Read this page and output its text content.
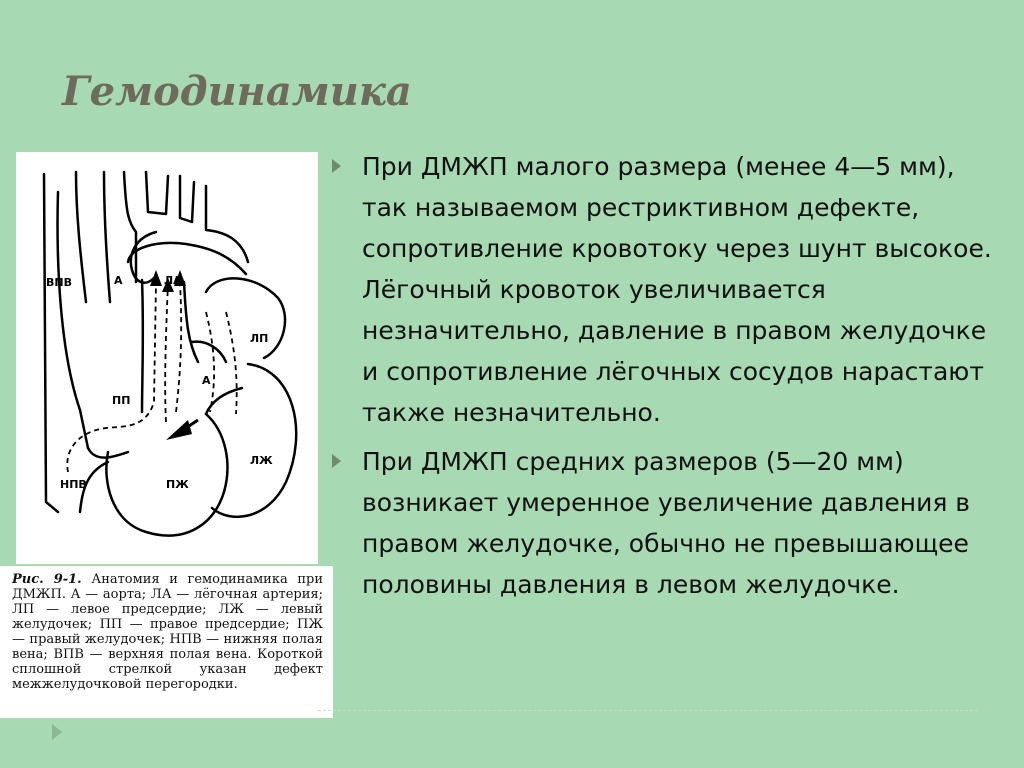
Гемодинамика
ВПВ	А	ЛА
ЛП
А
ПП
ЛЖ
НПВ	ПЖ
Рис. 9-1. Анатомия и гемодинамика при ДМЖП. А — аорта; ЛА — лёгочная артерия; ЛП — левое предсердие; ЛЖ — левый желудочек; ПП — правое предсердие; ПЖ — правый желудочек; НПВ — нижняя полая вена; ВПВ — верхняя полая вена. Короткой сплошной стрелкой указан дефект межжелудочковой перегородки.
При ДМЖП малого размера (менее 4—5 мм), так называемом рестриктивном дефекте, сопротивление кровотоку через шунт высокое. Лёгочный кровоток увеличивается незначительно, давление в правом желудочке и сопротивление лёгочных сосудов нарастают также незначительно.
При ДМЖП средних размеров (5—20 мм) возникает умеренное увеличение давления в правом желудочке, обычно не превышающее половины давления в левом желудочке.
